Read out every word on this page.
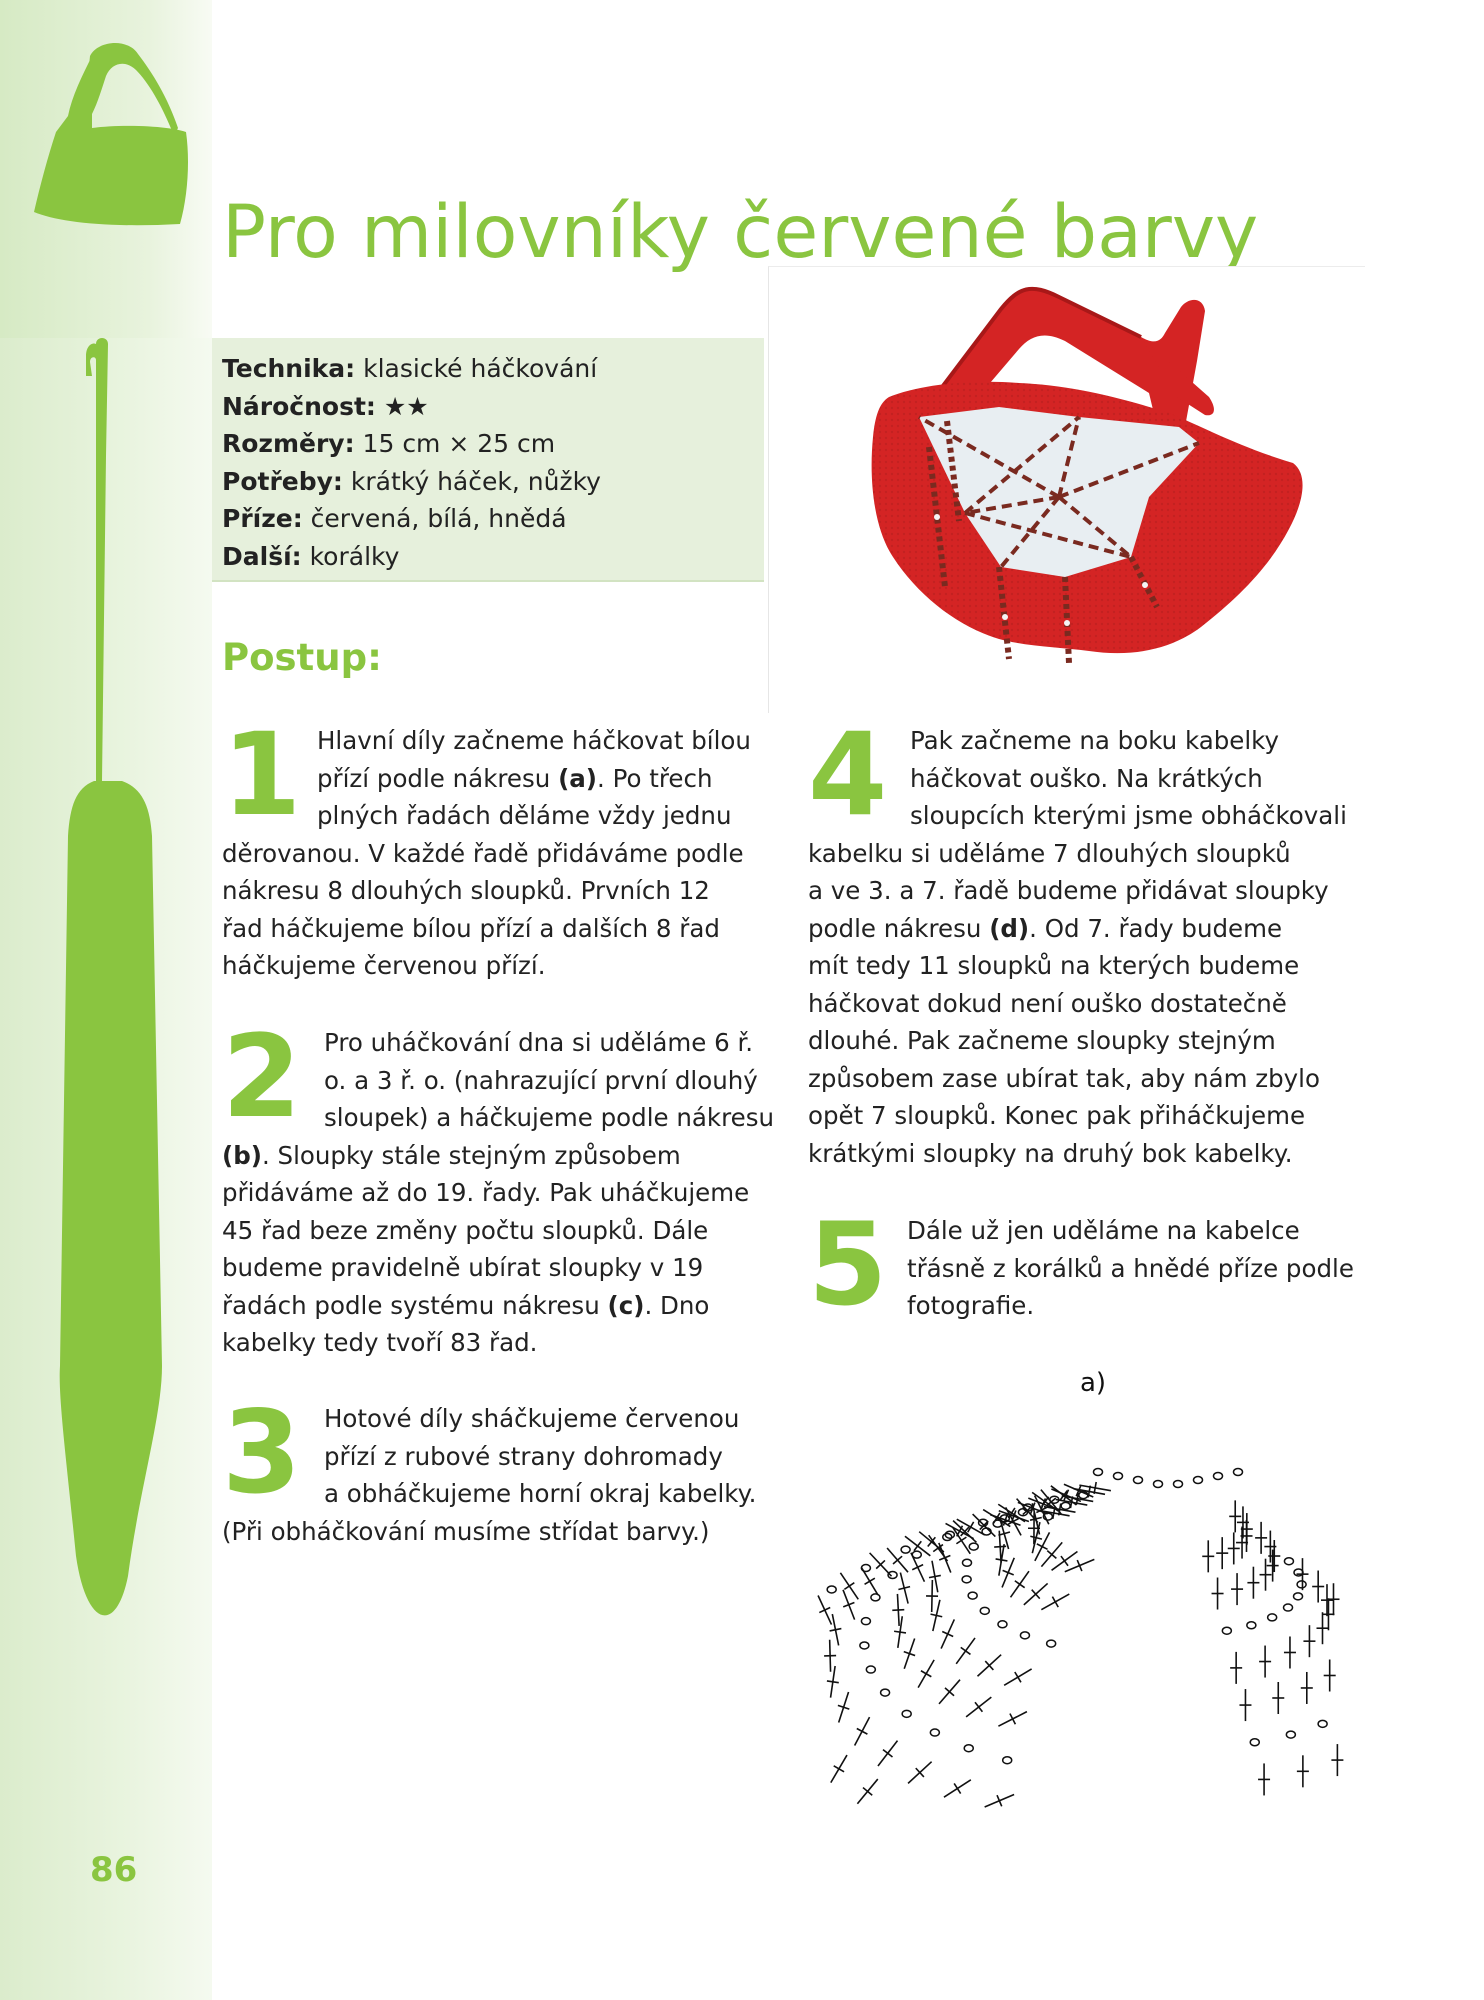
Pro milovníky červené barvy
Technika: klasické háčkování
Náročnost: ★★
Rozměry: 15 cm × 25 cm
Potřeby: krátký háček, nůžky
Příze: červená, bílá, hnědá
Další: korálky
Postup:
1 Hlavní díly začneme háčkovat bílou

přízí podle nákresu (a). Po třech

plných řadách děláme vždy jednu

děrovanou. V každé řadě přidáváme podle

nákresu 8 dlouhých sloupků. Prvních 12

řad háčkujeme bílou přízí a dalších 8 řad

háčkujeme červenou přízí.

2 Pro uháčkování dna si uděláme 6 ř.

o. a 3 ř. o. (nahrazující první dlouhý

sloupek) a háčkujeme podle nákresu

(b). Sloupky stále stejným způsobem

přidáváme až do 19. řady. Pak uháčkujeme

45 řad beze změny počtu sloupků. Dále

budeme pravidelně ubírat sloupky v 19

řadách podle systému nákresu (c). Dno

kabelky tedy tvoří 83 řad.

3 Hotové díly sháčkujeme červenou

přízí z rubové strany dohromady

a obháčkujeme horní okraj kabelky.

(Při obháčkování musíme střídat barvy.)

4 Pak začneme na boku kabelky

háčkovat ouško. Na krátkých

sloupcích kterými jsme obháčkovali

kabelku si uděláme 7 dlouhých sloupků

a ve 3. a 7. řadě budeme přidávat sloupky

podle nákresu (d). Od 7. řady budeme

mít tedy 11 sloupků na kterých budeme

háčkovat dokud není ouško dostatečně

dlouhé. Pak začneme sloupky stejným

způsobem zase ubírat tak, aby nám zbylo

opět 7 sloupků. Konec pak přiháčkujeme

krátkými sloupky na druhý bok kabelky.

5 Dále už jen uděláme na kabelce

třásně z korálků a hnědé příze podle

fotografie.

a)

86
